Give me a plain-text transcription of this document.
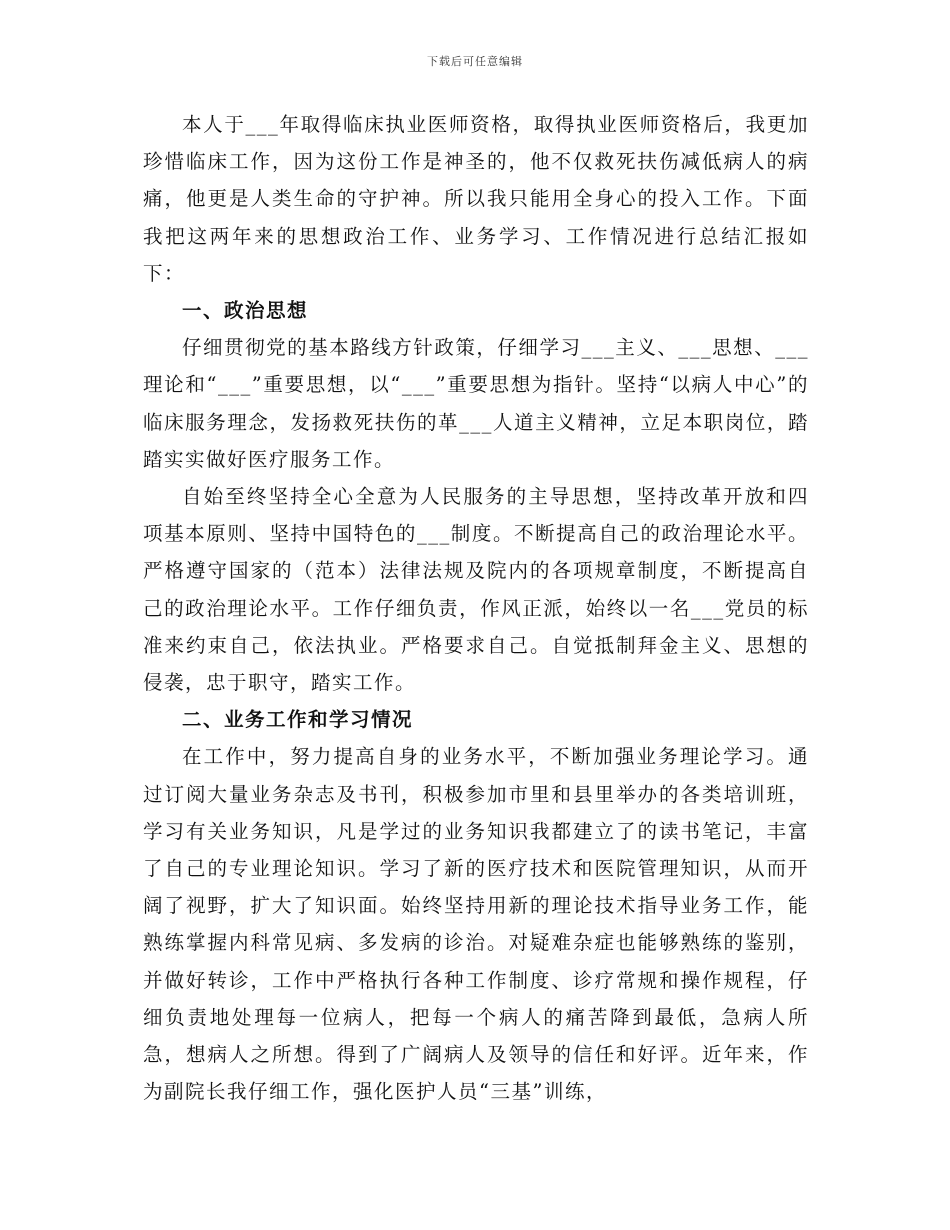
下载后可任意编辑

本人于___年取得临床执业医师资格，取得执业医师资格后，我更加珍惜临床工作，因为这份工作是神圣的，他不仅救死扶伤减低病人的病痛，他更是人类生命的守护神。所以我只能用全身心的投入工作。下面我把这两年来的思想政治工作、业务学习、工作情况进行总结汇报如下：

一、政治思想

仔细贯彻党的基本路线方针政策，仔细学习___主义、___思想、___理论和“___”重要思想，以“___”重要思想为指针。坚持“以病人中心”的临床服务理念，发扬救死扶伤的革___人道主义精神，立足本职岗位，踏踏实实做好医疗服务工作。

自始至终坚持全心全意为人民服务的主导思想，坚持改革开放和四项基本原则、坚持中国特色的___制度。不断提高自己的政治理论水平。严格遵守国家的（范本）法律法规及院内的各项规章制度，不断提高自己的政治理论水平。工作仔细负责，作风正派，始终以一名___党员的标准来约束自己，依法执业。严格要求自己。自觉抵制拜金主义、思想的侵袭，忠于职守，踏实工作。

二、业务工作和学习情况

在工作中，努力提高自身的业务水平，不断加强业务理论学习。通过订阅大量业务杂志及书刊，积极参加市里和县里举办的各类培训班，学习有关业务知识，凡是学过的业务知识我都建立了的读书笔记，丰富了自己的专业理论知识。学习了新的医疗技术和医院管理知识，从而开阔了视野，扩大了知识面。始终坚持用新的理论技术指导业务工作，能熟练掌握内科常见病、多发病的诊治。对疑难杂症也能够熟练的鉴别，并做好转诊，工作中严格执行各种工作制度、诊疗常规和操作规程，仔细负责地处理每一位病人，把每一个病人的痛苦降到最低，急病人所急，想病人之所想。得到了广阔病人及领导的信任和好评。近年来，作为副院长我仔细工作，强化医护人员“三基”训练，
